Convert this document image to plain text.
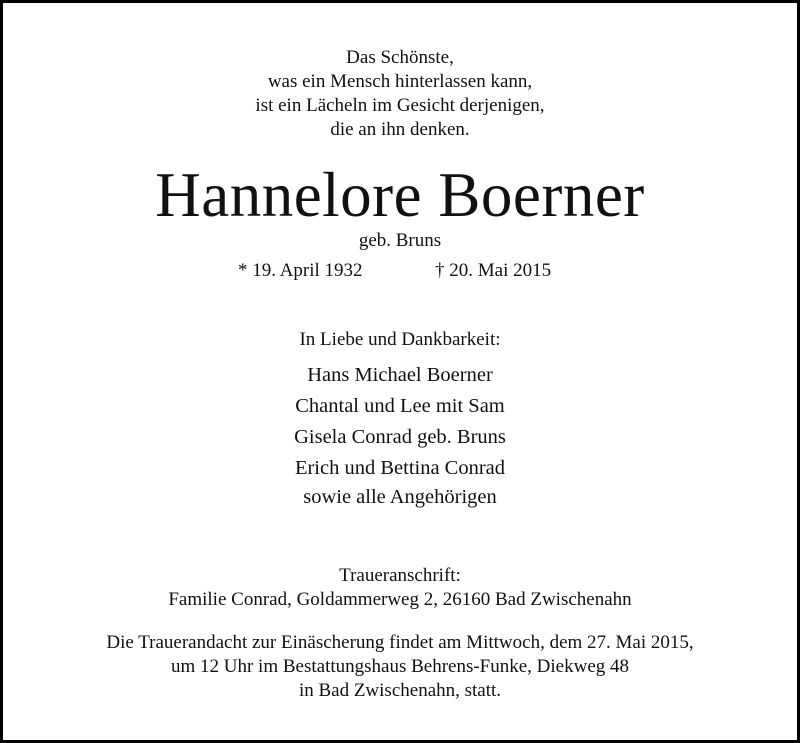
Das Schönste,
was ein Mensch hinterlassen kann,
ist ein Lächeln im Gesicht derjenigen,
die an ihn denken.
Hannelore Boerner
geb. Bruns
* 19. April 1932	† 20. Mai 2015
In Liebe und Dankbarkeit:
Hans Michael Boerner
Chantal und Lee mit Sam
Gisela Conrad geb. Bruns
Erich und Bettina Conrad
sowie alle Angehörigen
Traueranschrift:
Familie Conrad, Goldammerweg 2, 26160 Bad Zwischenahn
Die Trauerandacht zur Einäscherung findet am Mittwoch, dem 27. Mai 2015,
um 12 Uhr im Bestattungshaus Behrens-Funke, Diekweg 48
in Bad Zwischenahn, statt.
